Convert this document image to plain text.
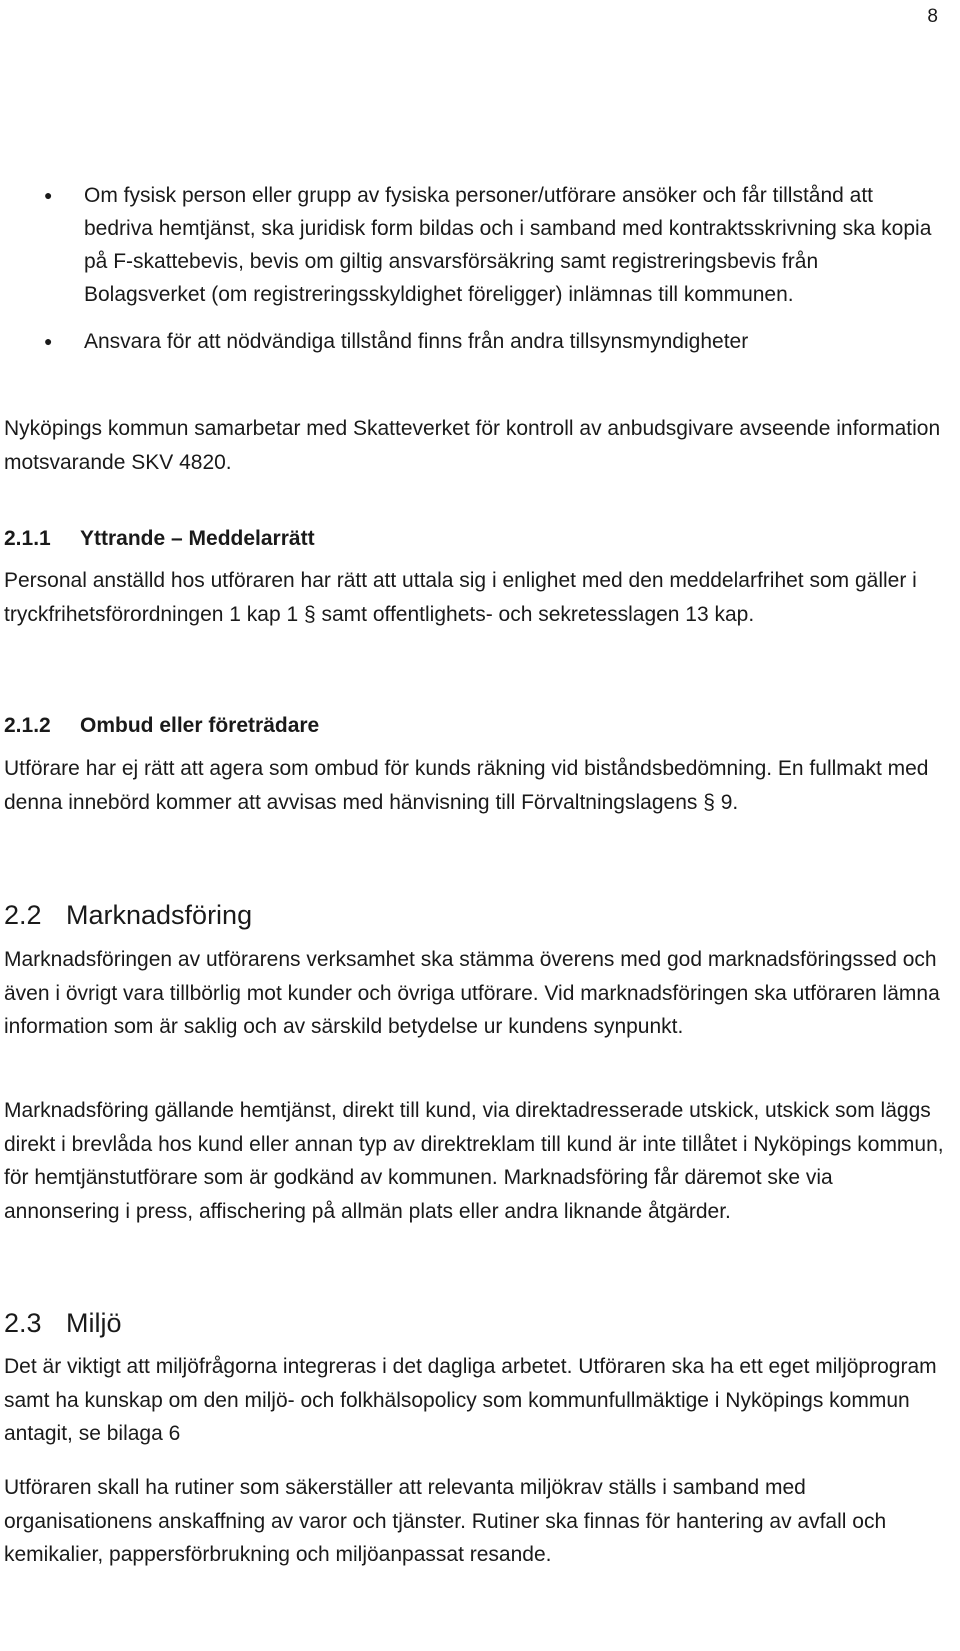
8
● Om fysisk person eller grupp av fysiska personer/utförare ansöker och får tillstånd att bedriva hemtjänst, ska juridisk form bildas och i samband med kontraktsskrivning ska kopia på F-skattebevis, bevis om giltig ansvarsförsäkring samt registreringsbevis från Bolagsverket (om registreringsskyldighet föreligger) inlämnas till kommunen.
● Ansvara för att nödvändiga tillstånd finns från andra tillsynsmyndigheter

Nyköpings kommun samarbetar med Skatteverket för kontroll av anbudsgivare avseende information motsvarande SKV 4820.

2.1.1 Yttrande – Meddelarrätt

Personal anställd hos utföraren har rätt att uttala sig i enlighet med den meddelarfrihet som gäller i tryckfrihetsförordningen 1 kap 1 § samt offentlighets- och sekretesslagen 13 kap.

2.1.2 Ombud eller företrädare

Utförare har ej rätt att agera som ombud för kunds räkning vid biståndsbedömning. En fullmakt med denna innebörd kommer att avvisas med hänvisning till Förvaltningslagens § 9.

2.2 Marknadsföring

Marknadsföringen av utförarens verksamhet ska stämma överens med god marknadsföringssed och även i övrigt vara tillbörlig mot kunder och övriga utförare. Vid marknadsföringen ska utföraren lämna information som är saklig och av särskild betydelse ur kundens synpunkt.

Marknadsföring gällande hemtjänst, direkt till kund, via direktadresserade utskick, utskick som läggs direkt i brevlåda hos kund eller annan typ av direktreklam till kund är inte tillåtet i Nyköpings kommun, för hemtjänstutförare som är godkänd av kommunen. Marknadsföring får däremot ske via annonsering i press, affischering på allmän plats eller andra liknande åtgärder.

2.3 Miljö

Det är viktigt att miljöfrågorna integreras i det dagliga arbetet. Utföraren ska ha ett eget miljöprogram samt ha kunskap om den miljö- och folkhälsopolicy som kommunfullmäktige i Nyköpings kommun antagit, se bilaga 6

Utföraren skall ha rutiner som säkerställer att relevanta miljökrav ställs i samband med organisationens anskaffning av varor och tjänster. Rutiner ska finnas för hantering av avfall och kemikalier, pappersförbrukning och miljöanpassat resande.
